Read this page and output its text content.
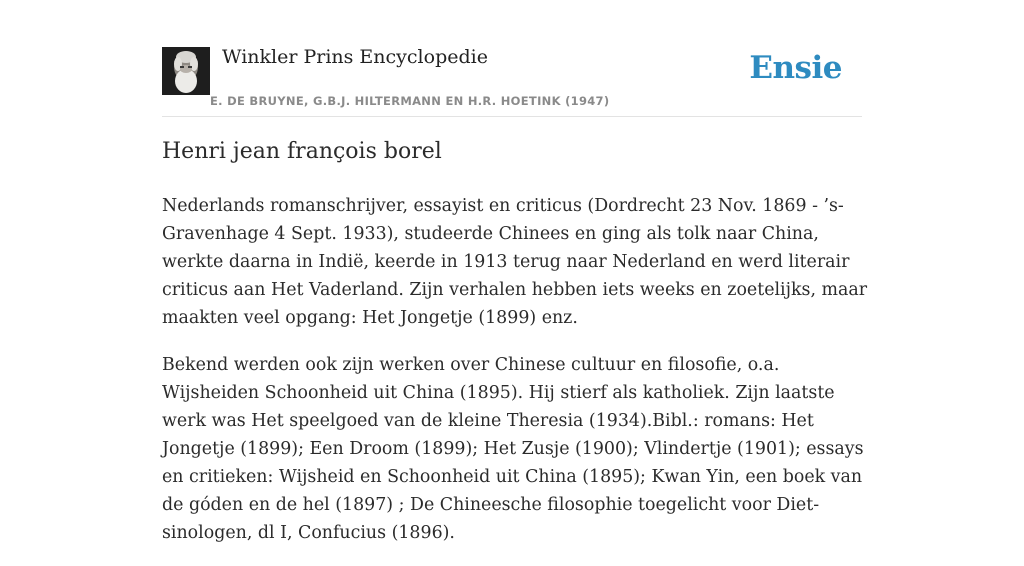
Winkler Prins Encyclopedie
E. DE BRUYNE, G.B.J. HILTERMANN EN H.R. HOETINK (1947)
Ensie
Henri jean françois borel

Nederlands romanschrijver, essayist en criticus (Dordrecht 23 Nov. 1869 - ’s-Gravenhage 4 Sept. 1933), studeerde Chinees en ging als tolk naar China, werkte daarna in Indië, keerde in 1913 terug naar Nederland en werd literair criticus aan Het Vaderland. Zijn verhalen hebben iets weeks en zoetelijks, maar maakten veel opgang: Het Jongetje (1899) enz.

Bekend werden ook zijn werken over Chinese cultuur en filosofie, o.a. Wijsheiden Schoonheid uit China (1895). Hij stierf als katholiek. Zijn laatste werk was Het speelgoed van de kleine Theresia (1934).Bibl.: romans: Het Jongetje (1899); Een Droom (1899); Het Zusje (1900); Vlindertje (1901); essays en critieken: Wijsheid en Schoonheid uit China (1895); Kwan Yin, een boek van de góden en de hel (1897) ; De Chineesche filosophie toegelicht voor Diet-sinologen, dl I, Confucius (1896).
